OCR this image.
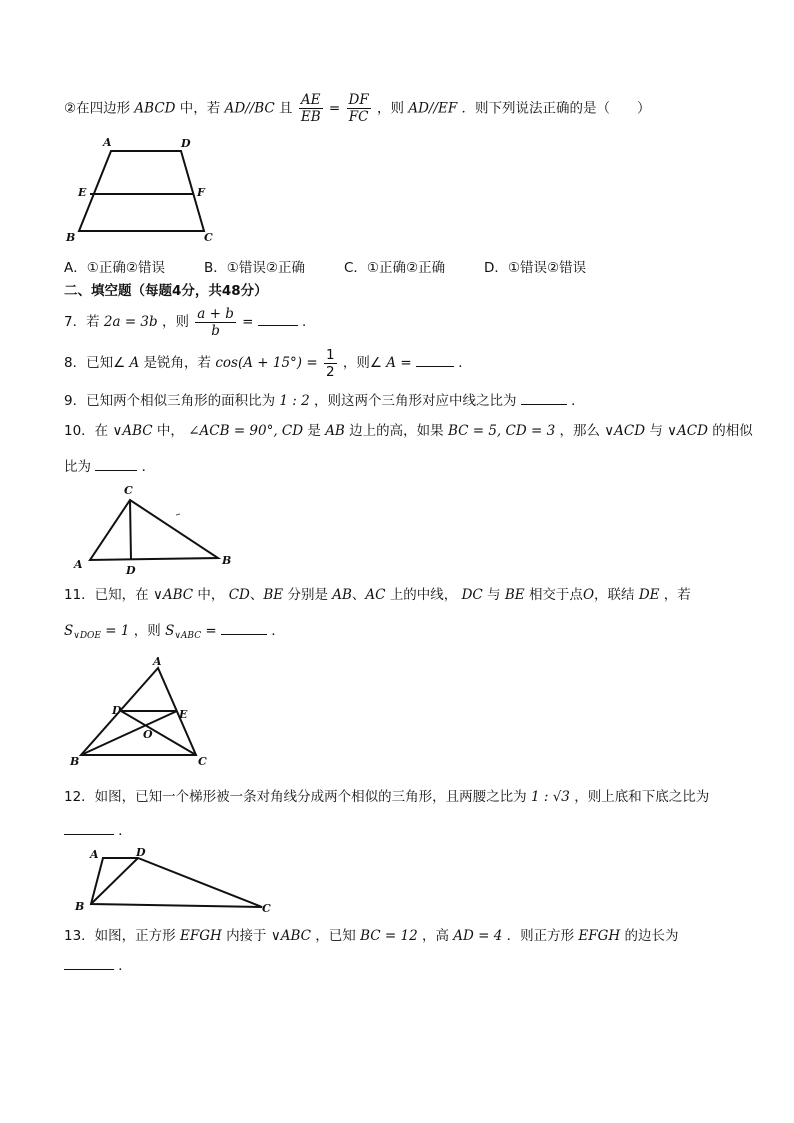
②在四边形 ABCD 中，若 AD//BC 且 $\frac{AE}{EB} = \frac{DF}{FC}$ ，则 AD//EF ．则下列说法正确的是（　　）
A	D
E	F
B	C
A．①正确②错误	B．①错误②正确	C．①正确②正确	D．①错误②错误
二、填空题（每题4分，共48分）
7．若 2a = 3b ，则 $\frac{a + b}{b}$ =	．
8．已知∠ A 是锐角，若 $\cos(A + 15^\circ) = \frac{1}{2}$ ，则∠ A =	．
9．已知两个相似三角形的面积比为 1 : 2 ，则这两个三角形对应中线之比为	．
10．在 ∨ABC 中， ∠ACB = 90°, CD 是 AB 边上的高，如果 BC = 5, CD = 3 ，那么 ∨ACD 与 ∨ACD 的相似
比为	．
C
A	D
B
11．已知，在 ∨ABC 中， CD、BE 分别是 AB、AC 上的中线， DC 与 BE 相交于点O，联结 DE ，若
$S_{\vee DOE} = 1$ ，则 $S_{\vee ABC}$ =	．
A
D	E
O
B	C
12．如图，已知一个梯形被一条对角线分成两个相似的三角形，且两腰之比为 1 : √3 ，则上底和下底之比为
．
A	D
B	C
13．如图，正方形 EFGH 内接于 ∨ABC ，已知 BC = 12 ，高 AD = 4 ．则正方形 EFGH 的边长为
．
